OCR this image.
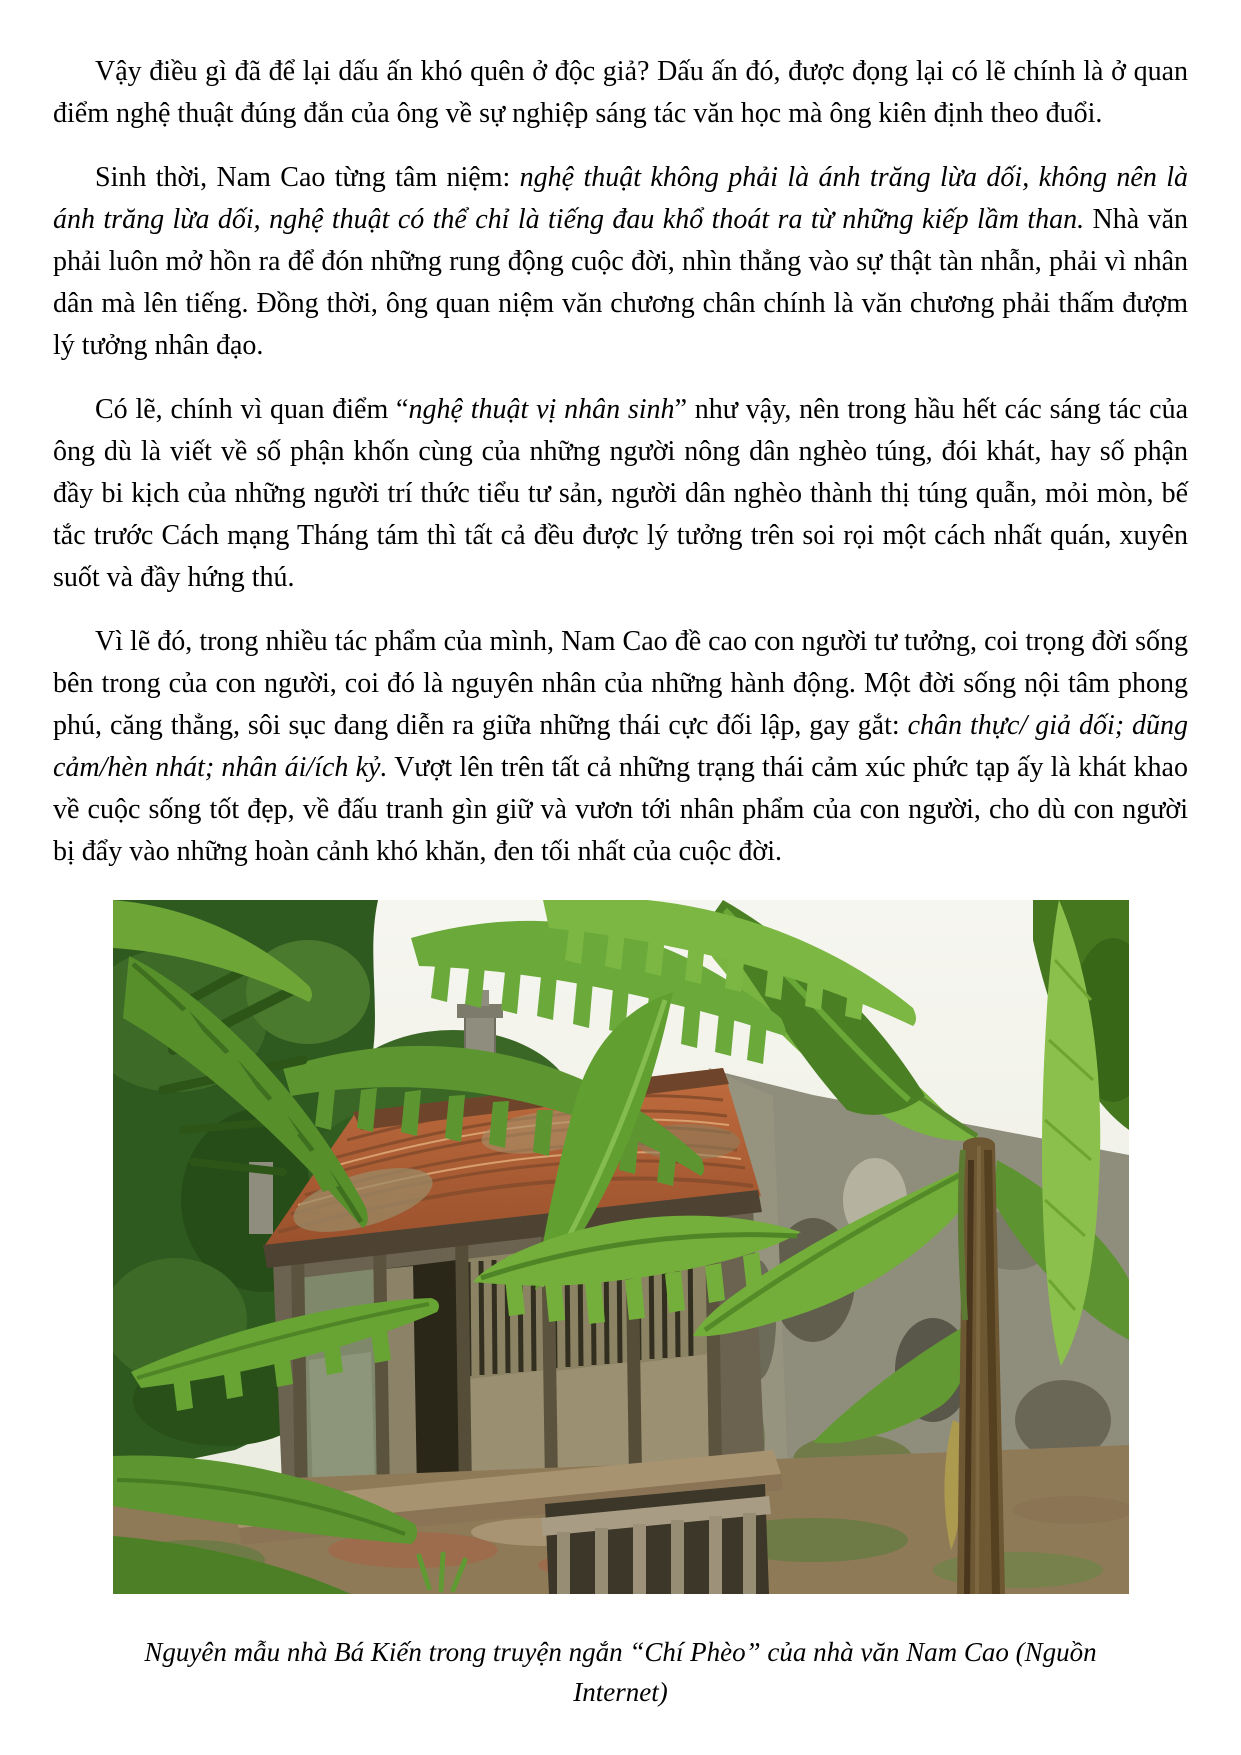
Vậy điều gì đã để lại dấu ấn khó quên ở độc giả? Dấu ấn đó, được đọng lại có lẽ chính là ở quan điểm nghệ thuật đúng đắn của ông về sự nghiệp sáng tác văn học mà ông kiên định theo đuổi.

Sinh thời, Nam Cao từng tâm niệm: nghệ thuật không phải là ánh trăng lừa dối, không nên là ánh trăng lừa dối, nghệ thuật có thể chỉ là tiếng đau khổ thoát ra từ những kiếp lầm than. Nhà văn phải luôn mở hồn ra để đón những rung động cuộc đời, nhìn thẳng vào sự thật tàn nhẫn, phải vì nhân dân mà lên tiếng. Đồng thời, ông quan niệm văn chương chân chính là văn chương phải thấm đượm lý tưởng nhân đạo.

Có lẽ, chính vì quan điểm “nghệ thuật vị nhân sinh” như vậy, nên trong hầu hết các sáng tác của ông dù là viết về số phận khốn cùng của những người nông dân nghèo túng, đói khát, hay số phận đầy bi kịch của những người trí thức tiểu tư sản, người dân nghèo thành thị túng quẫn, mỏi mòn, bế tắc trước Cách mạng Tháng tám thì tất cả đều được lý tưởng trên soi rọi một cách nhất quán, xuyên suốt và đầy hứng thú.

Vì lẽ đó, trong nhiều tác phẩm của mình, Nam Cao đề cao con người tư tưởng, coi trọng đời sống bên trong của con người, coi đó là nguyên nhân của những hành động. Một đời sống nội tâm phong phú, căng thẳng, sôi sục đang diễn ra giữa những thái cực đối lập, gay gắt: chân thực/ giả dối; dũng cảm/hèn nhát; nhân ái/ích kỷ. Vượt lên trên tất cả những trạng thái cảm xúc phức tạp ấy là khát khao về cuộc sống tốt đẹp, về đấu tranh gìn giữ và vươn tới nhân phẩm của con người, cho dù con người bị đẩy vào những hoàn cảnh khó khăn, đen tối nhất của cuộc đời.

Nguyên mẫu nhà Bá Kiến trong truyện ngắn “Chí Phèo” của nhà văn Nam Cao (Nguồn Internet)
